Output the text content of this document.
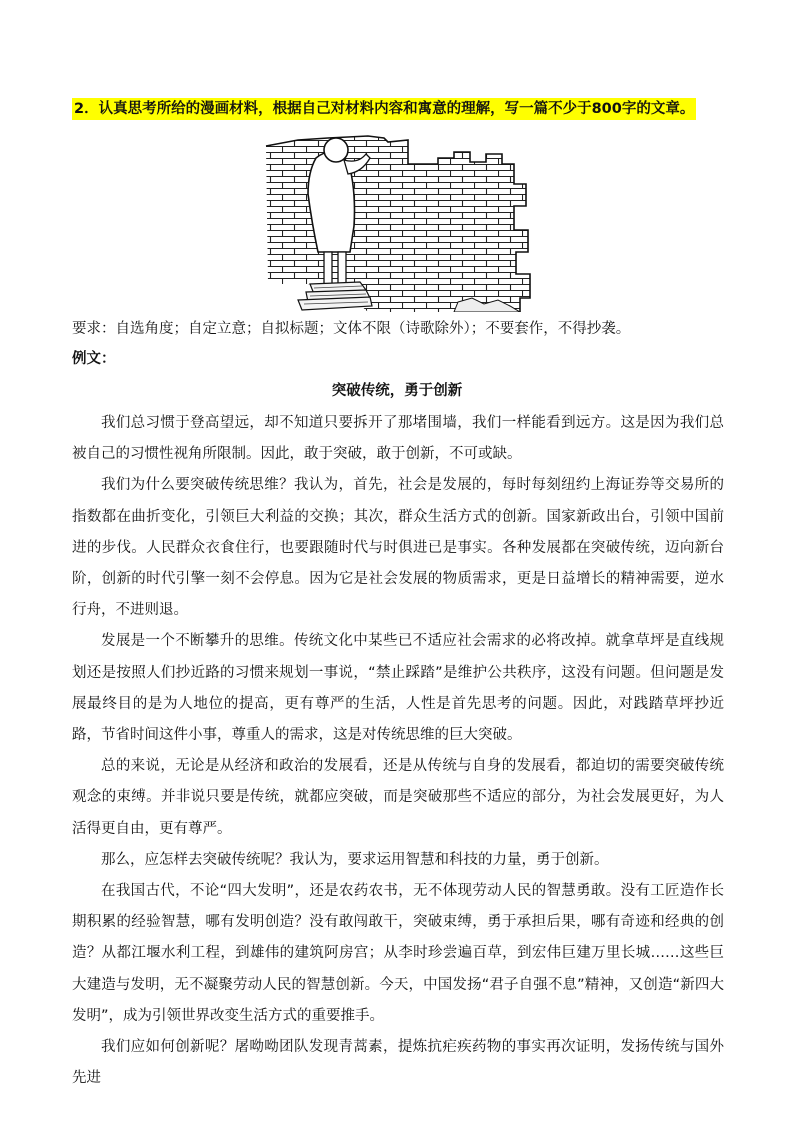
2．认真思考所给的漫画材料，根据自己对材料内容和寓意的理解，写一篇不少于800字的文章。
要求：自选角度；自定立意；自拟标题；文体不限（诗歌除外）；不要套作，不得抄袭。
例文：
突破传统，勇于创新

我们总习惯于登高望远，却不知道只要拆开了那堵围墙，我们一样能看到远方。这是因为我们总被自己的习惯性视角所限制。因此，敢于突破，敢于创新，不可或缺。

我们为什么要突破传统思维？我认为，首先，社会是发展的，每时每刻纽约上海证券等交易所的指数都在曲折变化，引领巨大利益的交换；其次，群众生活方式的创新。国家新政出台，引领中国前进的步伐。人民群众衣食住行，也要跟随时代与时俱进已是事实。各种发展都在突破传统，迈向新台阶，创新的时代引擎一刻不会停息。因为它是社会发展的物质需求，更是日益增长的精神需要，逆水行舟，不进则退。

发展是一个不断攀升的思维。传统文化中某些已不适应社会需求的必将改掉。就拿草坪是直线规划还是按照人们抄近路的习惯来规划一事说，“禁止踩踏”是维护公共秩序，这没有问题。但问题是发展最终目的是为人地位的提高，更有尊严的生活，人性是首先思考的问题。因此，对践踏草坪抄近路，节省时间这件小事，尊重人的需求，这是对传统思维的巨大突破。

总的来说，无论是从经济和政治的发展看，还是从传统与自身的发展看，都迫切的需要突破传统观念的束缚。并非说只要是传统，就都应突破，而是突破那些不适应的部分，为社会发展更好，为人活得更自由，更有尊严。

那么，应怎样去突破传统呢？我认为，要求运用智慧和科技的力量，勇于创新。

在我国古代，不论“四大发明”，还是农药农书，无不体现劳动人民的智慧勇敢。没有工匠造作长期积累的经验智慧，哪有发明创造？没有敢闯敢干，突破束缚，勇于承担后果，哪有奇迹和经典的创造？从都江堰水利工程，到雄伟的建筑阿房宫；从李时珍尝遍百草，到宏伟巨建万里长城……这些巨大建造与发明，无不凝聚劳动人民的智慧创新。今天，中国发扬“君子自强不息”精神，又创造“新四大发明”，成为引领世界改变生活方式的重要推手。

我们应如何创新呢？屠呦呦团队发现青蒿素，提炼抗疟疾药物的事实再次证明，发扬传统与国外先进
